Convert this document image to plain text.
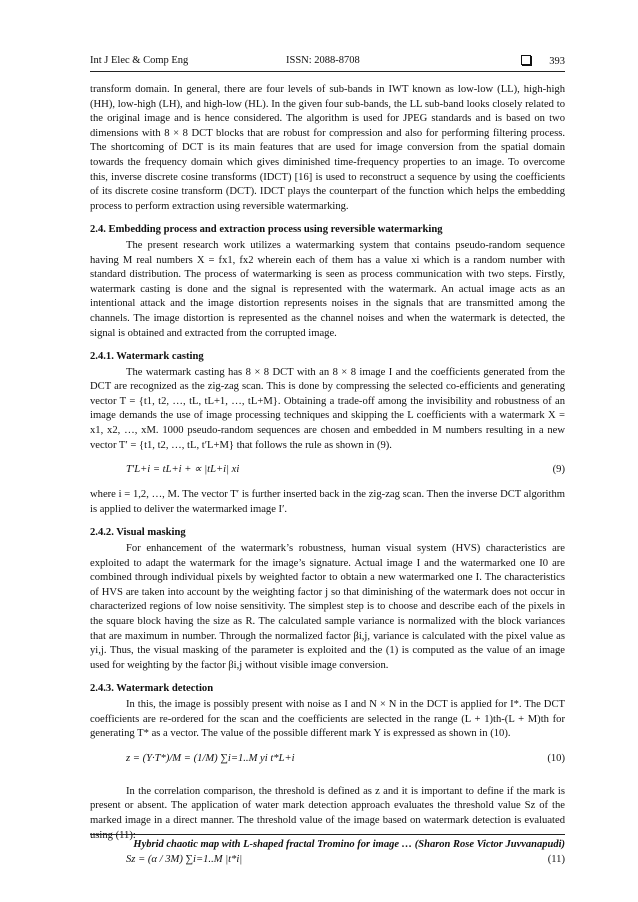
Int J Elec & Comp Eng	ISSN: 2088-8708	393

transform domain. In general, there are four levels of sub-bands in IWT known as low-low (LL), high-high (HH), low-high (LH), and high-low (HL). In the given four sub-bands, the LL sub-band looks closely related to the original image and is hence considered. The algorithm is used for JPEG standards and is based on two dimensions with 8 × 8 DCT blocks that are robust for compression and also for performing filtering process. The shortcoming of DCT is its main features that are used for image conversion from the spatial domain towards the frequency domain which gives diminished time-frequency properties to an image. To overcome this, inverse discrete cosine transforms (IDCT) [16] is used to reconstruct a sequence by using the coefficients of its discrete cosine transform (DCT). IDCT plays the counterpart of the function which helps the embedding process to perform extraction using reversible watermarking.

2.4. Embedding process and extraction process using reversible watermarking

The present research work utilizes a watermarking system that contains pseudo-random sequence having M real numbers X = fx1, fx2 wherein each of them has a value xi which is a random number with standard distribution. The process of watermarking is seen as process communication with two steps. Firstly, watermark casting is done and the signal is represented with the watermark. An actual image acts as an intentional attack and the image distortion represents noises in the signals that are transmitted among the channels. The image distortion is represented as the channel noises and when the watermark is detected, the signal is obtained and extracted from the corrupted image.

2.4.1. Watermark casting

The watermark casting has 8 × 8 DCT with an 8 × 8 image I and the coefficients generated from the DCT are recognized as the zig-zag scan. This is done by compressing the selected co-efficients and generating vector T = {t1, t2, …, tL, tL+1, …, tL+M}. Obtaining a trade-off among the invisibility and robustness of an image demands the use of image processing techniques and skipping the L coefficients with a watermark X = x1, x2, …, xM. 1000 pseudo-random sequences are chosen and embedded in M numbers resulting in a new vector T′ = {t1, t2, …, tL, t′L+M} that follows the rule as shown in (9).

T′L+i = tL+i + ∝ |tL+i| xi	(9)

where i = 1,2, …, M. The vector T′ is further inserted back in the zig-zag scan. Then the inverse DCT algorithm is applied to deliver the watermarked image I′.

2.4.2. Visual masking

For enhancement of the watermark’s robustness, human visual system (HVS) characteristics are exploited to adapt the watermark for the image’s signature. Actual image I and the watermarked one I0 are combined through individual pixels by weighted factor to obtain a new watermarked one I. The characteristics of HVS are taken into account by the weighting factor j so that diminishing of the watermark does not occur in characterized regions of low noise sensitivity. The simplest step is to choose and describe each of the pixels in the square block having the size as R. The calculated sample variance is normalized with the block variances that are maximum in number. Through the normalized factor βi,j, variance is calculated with the pixel value as yi,j. Thus, the visual masking of the parameter is exploited and the (1) is computed as the value of an image used for weighting by the factor βi,j without visible image conversion.

2.4.3. Watermark detection

In this, the image is possibly present with noise as I and N × N in the DCT is applied for I*. The DCT coefficients are re-ordered for the scan and the coefficients are selected in the range (L + 1)th-(L + M)th for generating T* as a vector. The value of the possible different mark Y is expressed as shown in (10).

z = (Y·T*)/M = (1/M) ∑i=1..M yi t*L+i	(10)

In the correlation comparison, the threshold is defined as z and it is important to define if the mark is present or absent. The application of water mark detection approach evaluates the threshold value Sz of the marked image in a direct manner. The threshold value of the image based on watermark detection is evaluated using (11):

Sz = (α / 3M) ∑i=1..M |t*i|	(11)
Hybrid chaotic map with L-shaped fractal Tromino for image … (Sharon Rose Victor Juvvanapudi)
